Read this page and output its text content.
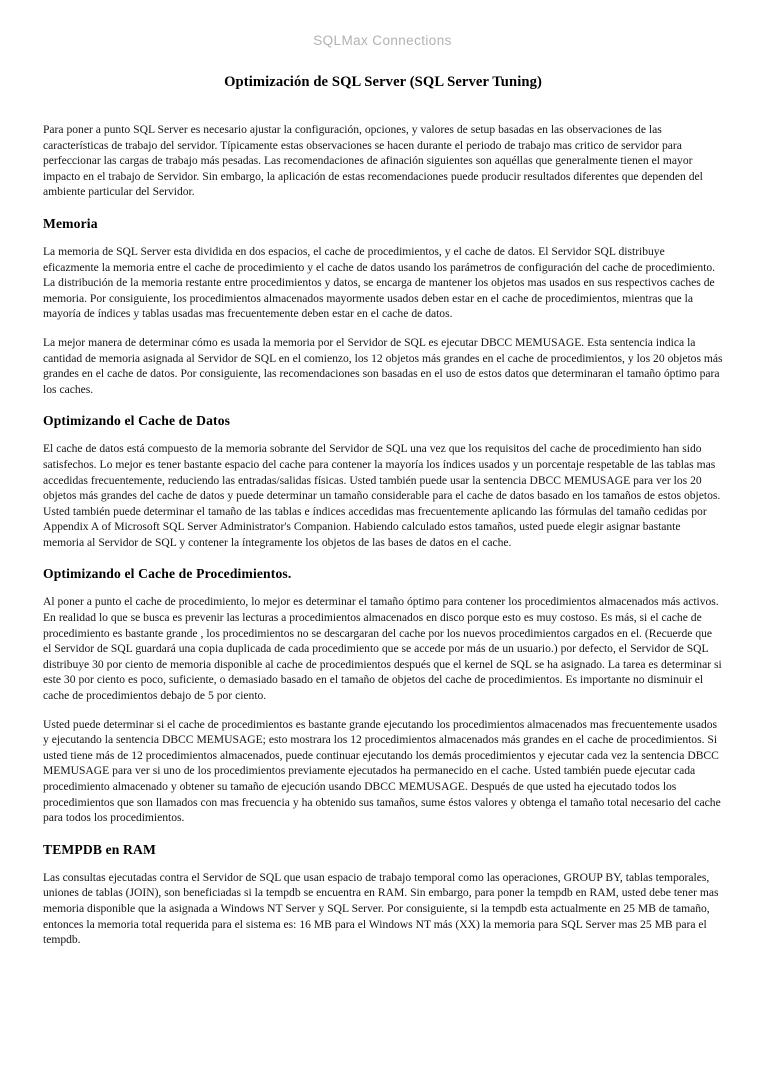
SQLMax Connections
Optimización de SQL Server (SQL Server Tuning)

Para poner a punto SQL Server es necesario ajustar la configuración, opciones, y valores de setup basadas en las observaciones de las características de trabajo del servidor. Típicamente estas observaciones se hacen durante el periodo de trabajo mas critico de servidor para perfeccionar las cargas de trabajo más pesadas. Las recomendaciones de afinación siguientes son aquéllas que generalmente tienen el mayor impacto en el trabajo de Servidor. Sin embargo, la aplicación de estas recomendaciones puede producir resultados diferentes que dependen del ambiente particular del Servidor.

Memoria

La memoria de SQL Server esta dividida en dos espacios, el cache de procedimientos, y el cache de datos. El Servidor SQL distribuye eficazmente la memoria entre el cache de procedimiento y el cache de datos usando los parámetros de configuración del cache de procedimiento. La distribución de la memoria restante entre procedimientos y datos, se encarga de mantener los objetos mas usados en sus respectivos caches de memoria. Por consiguiente, los procedimientos almacenados mayormente usados deben estar en el cache de procedimientos, mientras que la mayoría de índices y tablas usadas mas frecuentemente deben estar en el cache de datos.

La mejor manera de determinar cómo es usada la memoria por el Servidor de SQL es ejecutar DBCC MEMUSAGE. Esta sentencia indica la cantidad de memoria asignada al Servidor de SQL en el comienzo, los 12 objetos más grandes en el cache de procedimientos, y los 20 objetos más grandes en el cache de datos. Por consiguiente, las recomendaciones son basadas en el uso de estos datos que determinaran el tamaño óptimo para los caches.

Optimizando el Cache de Datos

El cache de datos está compuesto de la memoria sobrante del Servidor de SQL una vez que los requisitos del cache de procedimiento han sido satisfechos. Lo mejor es tener bastante espacio del cache para contener la mayoría los índices usados y un porcentaje respetable de las tablas mas accedidas frecuentemente, reduciendo las entradas/salidas físicas. Usted también puede usar la sentencia DBCC MEMUSAGE para ver los 20 objetos más grandes del cache de datos y puede determinar un tamaño considerable para el cache de datos basado en los tamaños de estos objetos. Usted también puede determinar el tamaño de las tablas e índices accedidas mas frecuentemente aplicando las fórmulas del tamaño cedidas por Appendix A of Microsoft SQL Server Administrator's Companion. Habiendo calculado estos tamaños, usted puede elegir asignar bastante memoria al Servidor de SQL y contener la íntegramente los objetos de las bases de datos en el cache.

Optimizando el Cache de Procedimientos.

Al poner a punto el cache de procedimiento, lo mejor es determinar el tamaño óptimo para contener los procedimientos almacenados más activos. En realidad lo que se busca es prevenir las lecturas a procedimientos almacenados en disco porque esto es muy costoso. Es más, si el cache de procedimiento es bastante grande , los procedimientos no se descargaran del cache por los nuevos procedimientos cargados en el. (Recuerde que el Servidor de SQL guardará una copia duplicada de cada procedimiento que se accede por más de un usuario.) por defecto, el Servidor de SQL distribuye 30 por ciento de memoria disponible al cache de procedimientos después que el kernel de SQL se ha asignado. La tarea es determinar si este 30 por ciento es poco, suficiente, o demasiado basado en el tamaño de objetos del cache de procedimientos. Es importante no disminuir el cache de procedimientos debajo de 5 por ciento.

Usted puede determinar si el cache de procedimientos es bastante grande ejecutando los procedimientos almacenados mas frecuentemente usados y ejecutando la sentencia DBCC MEMUSAGE; esto mostrara los 12 procedimientos almacenados más grandes en el cache de procedimientos. Si usted tiene más de 12 procedimientos almacenados, puede continuar ejecutando los demás procedimientos y ejecutar cada vez la sentencia DBCC MEMUSAGE para ver si uno de los procedimientos previamente ejecutados ha permanecido en el cache. Usted también puede ejecutar cada procedimiento almacenado y obtener su tamaño de ejecución usando DBCC MEMUSAGE. Después de que usted ha ejecutado todos los procedimientos que son llamados con mas frecuencia y ha obtenido sus tamaños, sume éstos valores y obtenga el tamaño total necesario del cache para todos los procedimientos.

TEMPDB en RAM

Las consultas ejecutadas contra el Servidor de SQL que usan espacio de trabajo temporal como las operaciones, GROUP BY, tablas temporales, uniones de tablas (JOIN), son beneficiadas si la tempdb se encuentra en RAM. Sin embargo, para poner la tempdb en RAM, usted debe tener mas memoria disponible que la asignada a Windows NT Server y SQL Server. Por consiguiente, si la tempdb esta actualmente en 25 MB de tamaño, entonces la memoria total requerida para el sistema es: 16 MB para el Windows NT más (XX) la memoria para SQL Server mas 25 MB para el tempdb.
